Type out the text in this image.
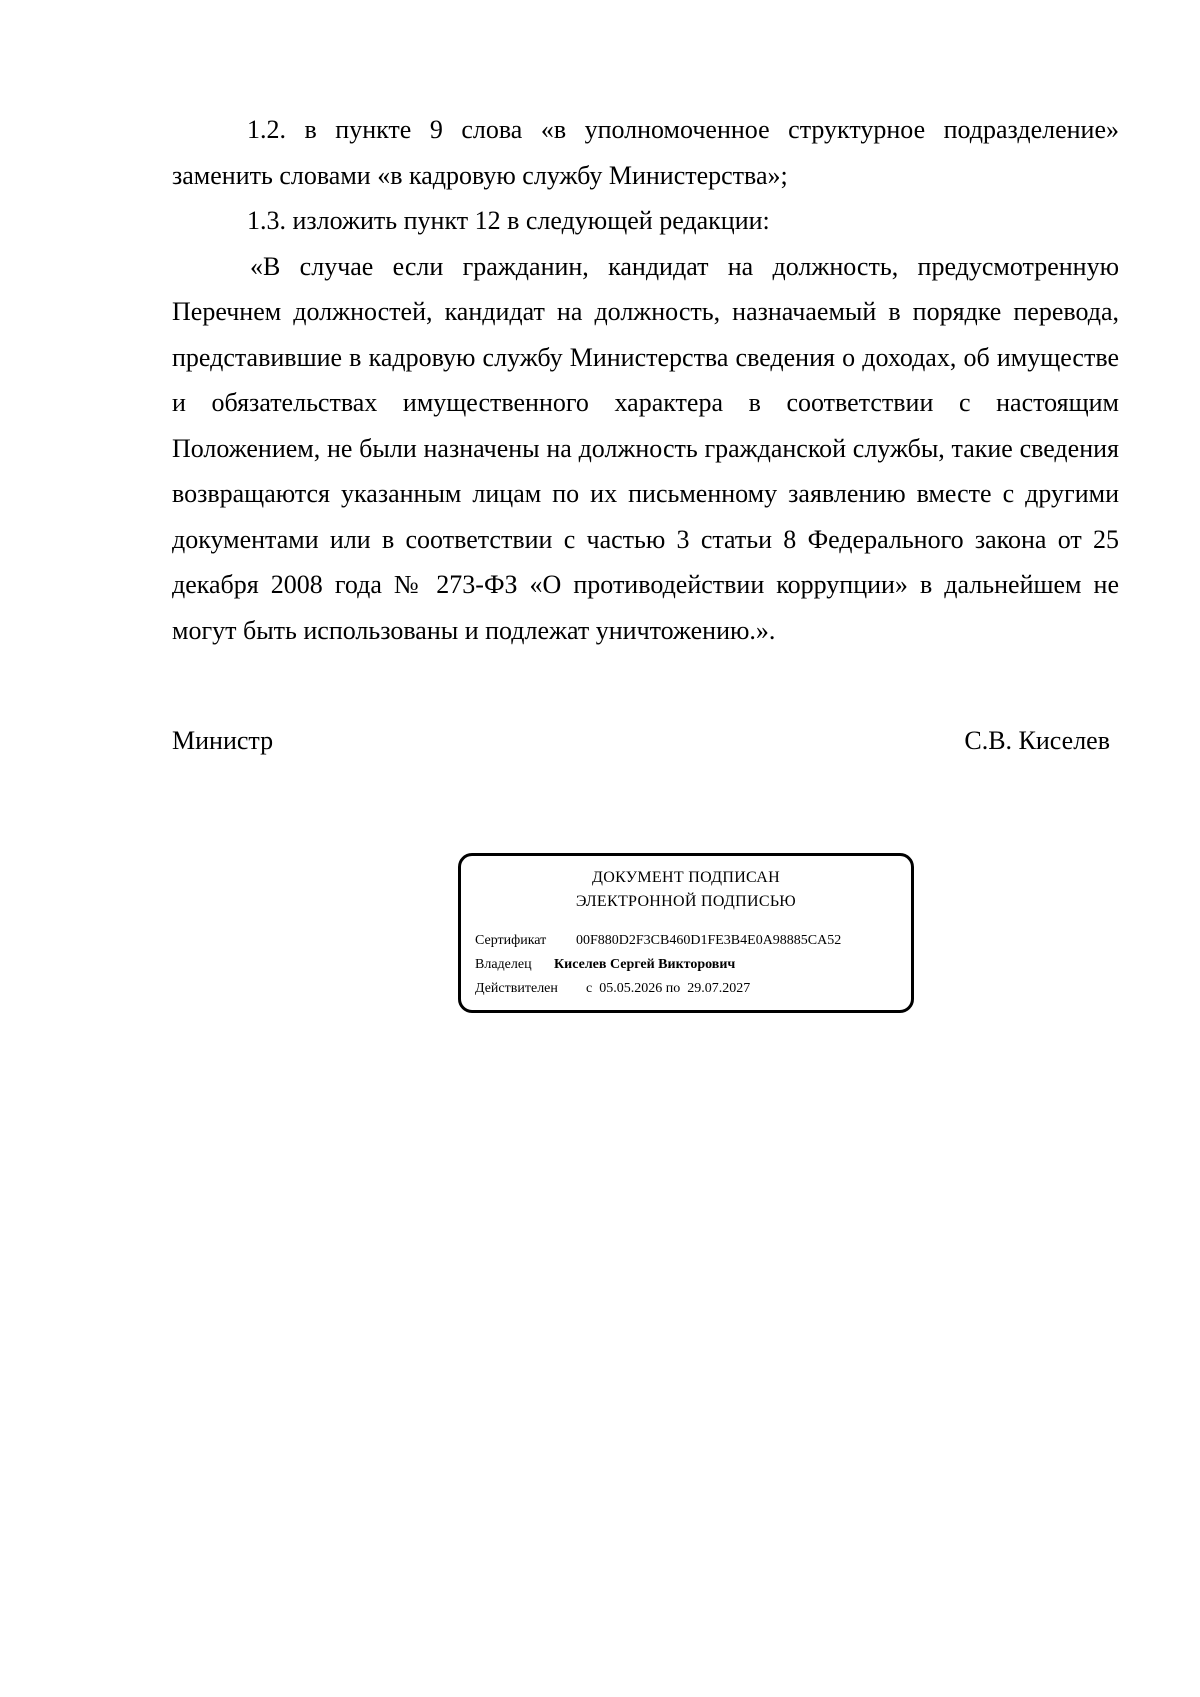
1.2. в пункте 9 слова «в уполномоченное структурное подразделение» заменить словами «в кадровую службу Министерства»;

1.3. изложить пункт 12 в следующей редакции:

«В случае если гражданин, кандидат на должность, предусмотренную Перечнем должностей, кандидат на должность, назначаемый в порядке перевода, представившие в кадровую службу Министерства сведения о доходах, об имуществе и обязательствах имущественного характера в соответствии с настоящим Положением, не были назначены на должность гражданской службы, такие сведения возвращаются указанным лицам по их письменному заявлению вместе с другими документами или в соответствии с частью 3 статьи 8 Федерального закона от 25 декабря 2008 года № 273-ФЗ «О противодействии коррупции» в дальнейшем не могут быть использованы и подлежат уничтожению.».

Министр	С.В. Киселев
ДОКУМЕНТ ПОДПИСАН
ЭЛЕКТРОННОЙ ПОДПИСЬЮ
Сертификат 00F880D2F3CB460D1FE3B4E0A98885CA52
Владелец Киселев Сергей Викторович
Действителен с  05.05.2026 по  29.07.2027
